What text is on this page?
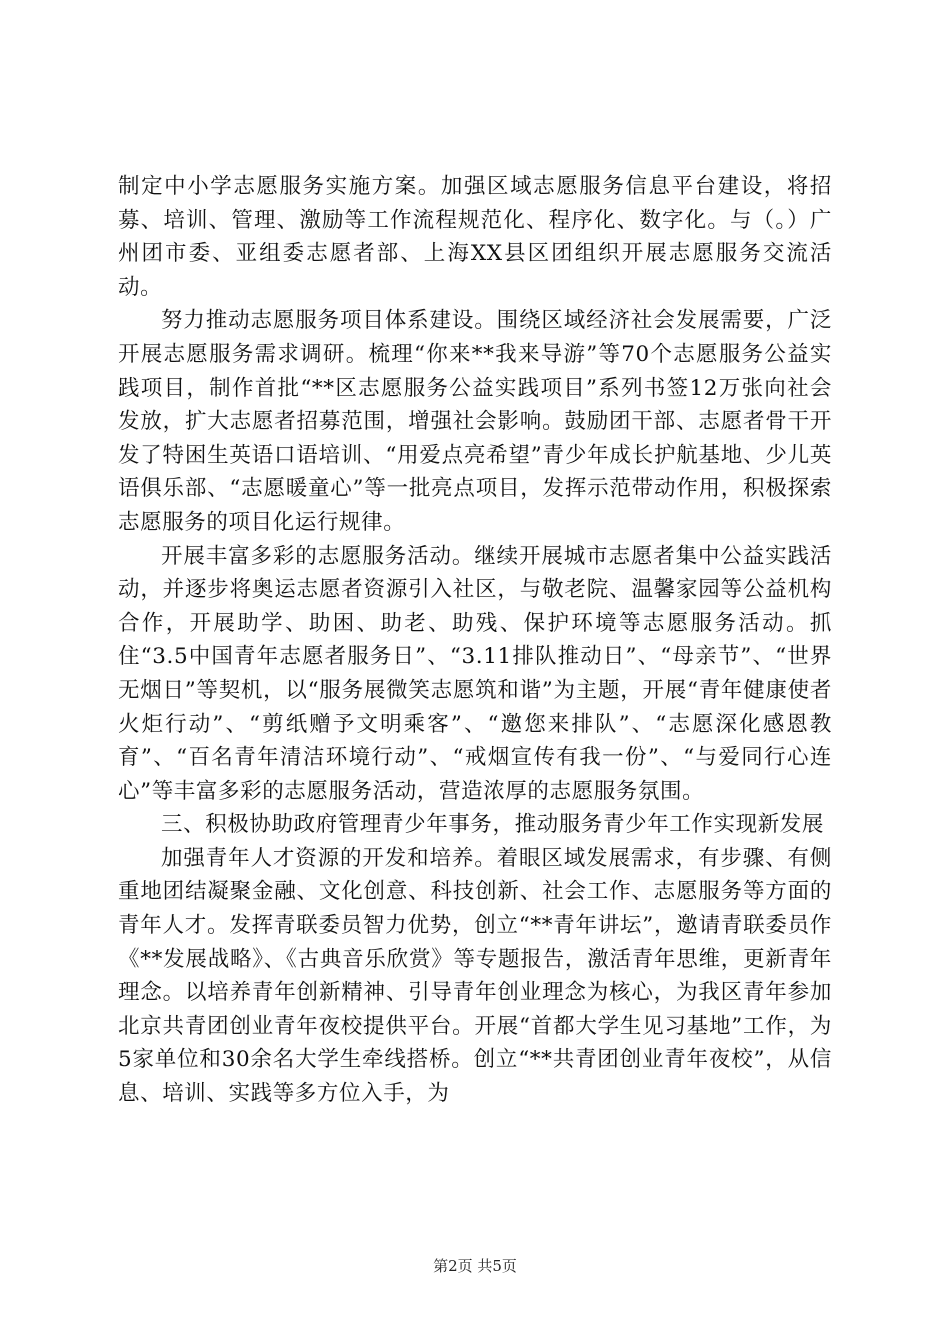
制定中小学志愿服务实施方案。加强区域志愿服务信息平台建设，将招募、培训、管理、激励等工作流程规范化、程序化、数字化。与（。）广州团市委、亚组委志愿者部、上海XX县区团组织开展志愿服务交流活动。

努力推动志愿服务项目体系建设。围绕区域经济社会发展需要，广泛开展志愿服务需求调研。梳理“你来**我来导游”等70个志愿服务公益实践项目，制作首批“**区志愿服务公益实践项目”系列书签12万张向社会发放，扩大志愿者招募范围，增强社会影响。鼓励团干部、志愿者骨干开发了特困生英语口语培训、“用爱点亮希望”青少年成长护航基地、少儿英语俱乐部、“志愿暖童心”等一批亮点项目，发挥示范带动作用，积极探索志愿服务的项目化运行规律。

开展丰富多彩的志愿服务活动。继续开展城市志愿者集中公益实践活动，并逐步将奥运志愿者资源引入社区，与敬老院、温馨家园等公益机构合作，开展助学、助困、助老、助残、保护环境等志愿服务活动。抓住“3.5中国青年志愿者服务日”、“3.11排队推动日”、“母亲节”、“世界无烟日”等契机，以“服务展微笑志愿筑和谐”为主题，开展“青年健康使者火炬行动”、“剪纸赠予文明乘客”、“邀您来排队”、“志愿深化感恩教育”、“百名青年清洁环境行动”、“戒烟宣传有我一份”、“与爱同行心连心”等丰富多彩的志愿服务活动，营造浓厚的志愿服务氛围。

三、积极协助政府管理青少年事务，推动服务青少年工作实现新发展

加强青年人才资源的开发和培养。着眼区域发展需求，有步骤、有侧重地团结凝聚金融、文化创意、科技创新、社会工作、志愿服务等方面的青年人才。发挥青联委员智力优势，创立“**青年讲坛”，邀请青联委员作《**发展战略》、《古典音乐欣赏》等专题报告，激活青年思维，更新青年理念。以培养青年创新精神、引导青年创业理念为核心，为我区青年参加北京共青团创业青年夜校提供平台。开展“首都大学生见习基地”工作，为5家单位和30余名大学生牵线搭桥。创立“**共青团创业青年夜校”，从信息、培训、实践等多方位入手，为

第2页 共5页
